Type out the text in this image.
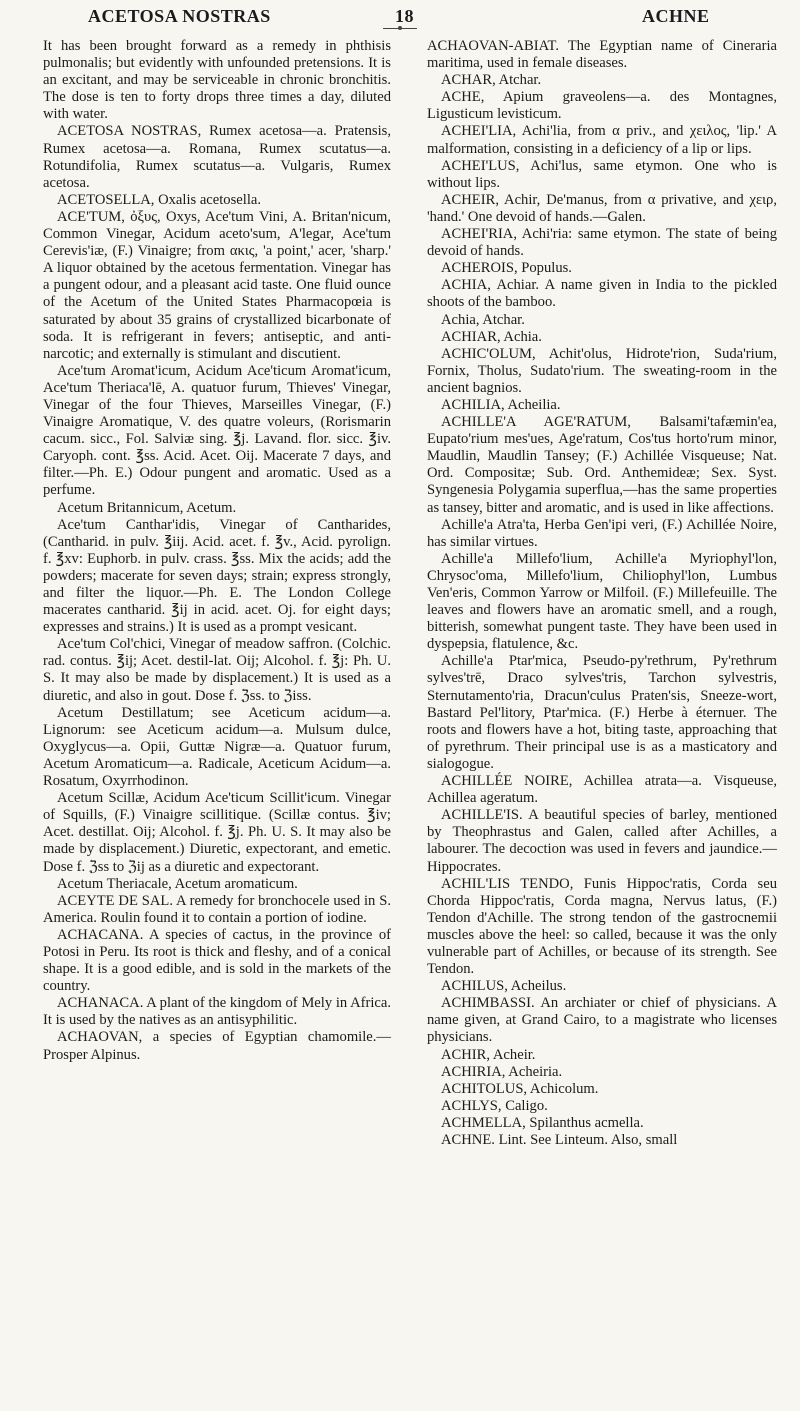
ACETOSA NOSTRAS	18	ACHNE

It has been brought forward as a remedy in phthisis pulmonalis; but evidently with unfounded pretensions. It is an excitant, and may be serviceable in chronic bronchitis. The dose is ten to forty drops three times a day, diluted with water.

ACETOSA NOSTRAS, Rumex acetosa—a. Pratensis, Rumex acetosa—a. Romana, Rumex scutatus—a. Rotundifolia, Rumex scutatus—a. Vulgaris, Rumex acetosa.

ACETOSELLA, Oxalis acetosella.

ACE'TUM, ὀξυς, Oxys, Ace'tum Vini, A. Britan'nicum, Common Vinegar, Acidum aceto'sum, A'legar, Ace'tum Cerevis'iæ, (F.) Vinaigre; from ακις, 'a point,' acer, 'sharp.' A liquor obtained by the acetous fermentation. Vinegar has a pungent odour, and a pleasant acid taste. One fluid ounce of the Acetum of the United States Pharmacopœia is saturated by about 35 grains of crystallized bicarbonate of soda. It is refrigerant in fevers; antiseptic, and anti-narcotic; and externally is stimulant and discutient.

Ace'tum Aromat'icum, Acidum Ace'ticum Aromat'icum, Ace'tum Theriaca'lē, A. quatuor furum, Thieves' Vinegar, Vinegar of the four Thieves, Marseilles Vinegar, (F.) Vinaigre Aromatique, V. des quatre voleurs, (Rorismarin cacum. sicc., Fol. Salviæ sing. ℥j. Lavand. flor. sicc. ℥iv. Caryoph. cont. ℥ss. Acid. Acet. Oij. Macerate 7 days, and filter.—Ph. E.) Odour pungent and aromatic. Used as a perfume.

Acetum Britannicum, Acetum.

Ace'tum Canthar'idis, Vinegar of Cantharides, (Cantharid. in pulv. ℥iij. Acid. acet. f. ℥v., Acid. pyrolign. f. ℥xv: Euphorb. in pulv. crass. ℥ss. Mix the acids; add the powders; macerate for seven days; strain; express strongly, and filter the liquor.—Ph. E. The London College macerates cantharid. ℥ij in acid. acet. Oj. for eight days; expresses and strains.) It is used as a prompt vesicant.

Ace'tum Col'chici, Vinegar of meadow saffron. (Colchic. rad. contus. ℥ij; Acet. destil-lat. Oij; Alcohol. f. ℥j: Ph. U. S. It may also be made by displacement.) It is used as a diuretic, and also in gout. Dose f. ℨss. to ℨiss.

Acetum Destillatum; see Aceticum acidum—a. Lignorum: see Aceticum acidum—a. Mulsum dulce, Oxyglycus—a. Opii, Guttæ Nigræ—a. Quatuor furum, Acetum Aromaticum—a. Radicale, Aceticum Acidum—a. Rosatum, Oxyrrhodinon.

Acetum Scillæ, Acidum Ace'ticum Scillit'icum. Vinegar of Squills, (F.) Vinaigre scillitique. (Scillæ contus. ℥iv; Acet. destillat. Oij; Alcohol. f. ℥j. Ph. U. S. It may also be made by displacement.) Diuretic, expectorant, and emetic. Dose f. ℨss to ℨij as a diuretic and expectorant.

Acetum Theriacale, Acetum aromaticum.

ACEYTE DE SAL. A remedy for bronchocele used in S. America. Roulin found it to contain a portion of iodine.

ACHACANA. A species of cactus, in the province of Potosi in Peru. Its root is thick and fleshy, and of a conical shape. It is a good edible, and is sold in the markets of the country.

ACHANACA. A plant of the kingdom of Mely in Africa. It is used by the natives as an antisyphilitic.

ACHAOVAN, a species of Egyptian chamomile.—Prosper Alpinus.

ACHAOVAN-ABIAT. The Egyptian name of Cineraria maritima, used in female diseases.

ACHAR, Atchar.

ACHE, Apium graveolens—a. des Montagnes, Ligusticum levisticum.

ACHEI'LIA, Achi'lia, from α priv., and χειλος, 'lip.' A malformation, consisting in a deficiency of a lip or lips.

ACHEI'LUS, Achi'lus, same etymon. One who is without lips.

ACHEIR, Achir, De'manus, from α privative, and χειρ, 'hand.' One devoid of hands.—Galen.

ACHEI'RIA, Achi'ria: same etymon. The state of being devoid of hands.

ACHEROIS, Populus.

ACHIA, Achiar. A name given in India to the pickled shoots of the bamboo.

Achia, Atchar.

ACHIAR, Achia.

ACHIC'OLUM, Achit'olus, Hidrote'rion, Suda'rium, Fornix, Tholus, Sudato'rium. The sweating-room in the ancient bagnios.

ACHILIA, Acheilia.

ACHILLE'A AGE'RATUM, Balsami'tafæmin'ea, Eupato'rium mes'ues, Age'ratum, Cos'tus horto'rum minor, Maudlin, Maudlin Tansey; (F.) Achillée Visqueuse; Nat. Ord. Compositæ; Sub. Ord. Anthemideæ; Sex. Syst. Syngenesia Polygamia superflua,—has the same properties as tansey, bitter and aromatic, and is used in like affections.

Achille'a Atra'ta, Herba Gen'ipi veri, (F.) Achillée Noire, has similar virtues.

Achille'a Millefo'lium, Achille'a Myriophyl'lon, Chrysoc'oma, Millefo'lium, Chiliophyl'lon, Lumbus Ven'eris, Common Yarrow or Milfoil. (F.) Millefeuille. The leaves and flowers have an aromatic smell, and a rough, bitterish, somewhat pungent taste. They have been used in dyspepsia, flatulence, &c.

Achille'a Ptar'mica, Pseudo-py'rethrum, Py'rethrum sylves'trē, Draco sylves'tris, Tarchon sylvestris, Sternutamento'ria, Dracun'culus Praten'sis, Sneeze-wort, Bastard Pel'litory, Ptar'mica. (F.) Herbe à éternuer. The roots and flowers have a hot, biting taste, approaching that of pyrethrum. Their principal use is as a masticatory and sialogogue.

ACHILLÉE NOIRE, Achillea atrata—a. Visqueuse, Achillea ageratum.

ACHILLE'IS. A beautiful species of barley, mentioned by Theophrastus and Galen, called after Achilles, a labourer. The decoction was used in fevers and jaundice.—Hippocrates.

ACHIL'LIS TENDO, Funis Hippoc'ratis, Corda seu Chorda Hippoc'ratis, Corda magna, Nervus latus, (F.) Tendon d'Achille. The strong tendon of the gastrocnemii muscles above the heel: so called, because it was the only vulnerable part of Achilles, or because of its strength. See Tendon.

ACHILUS, Acheilus.

ACHIMBASSI. An archiater or chief of physicians. A name given, at Grand Cairo, to a magistrate who licenses physicians.

ACHIR, Acheir.

ACHIRIA, Acheiria.

ACHITOLUS, Achicolum.

ACHLYS, Caligo.

ACHMELLA, Spilanthus acmella.

ACHNE. Lint. See Linteum. Also, small
